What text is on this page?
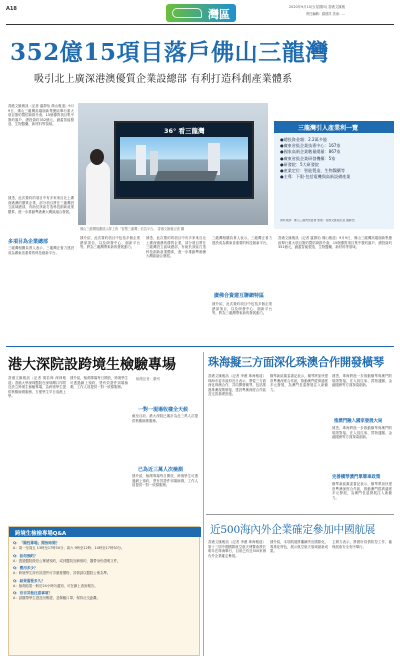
A18	灣區
2020年9月10日(星期四) 香港文匯報
責任編輯：蘇德祥 美術：...
352億15項目落戶佛山三龍灣
吸引北上廣深港澳優質企業設總部 有利打造科創產業體系
香港文匯報訊（記者 盧靜怡 佛山報道）9月9日，佛山三龍灣高端創新集聚區舉行重大項目簽約暨招商推介會，15個優質項目集中簽約落戶，總投資約352億元，涵蓋智能製造、生物醫藥、新材料等領域。
36° 看三龍灣
佛山三龍灣規劃展示屏上的「智慧三龍灣」信息平台。 香港文匯報記者 攝
三龍灣引人產業利一覽
●總投資金額：2.2萬多億
●廣東省級企業技術中心：167家
●國家高新企業數量總量：867家
●廣東省級企業研發機構：5家
●研發院：5大研發院
●產業定位：智能製造、生物醫藥等
●主導：下限·包括電機與高新設備產業
資料來源：佛山三龍灣管委會 整理：香港文匯報記者 盧靜怡
據悉，此次簽約的項目中有多家來自北上廣深港澳的優質企業，部分項目將在三龍灣設立區域總部，有助於該區打造科技創新產業體系，進一步推動粵港澳大灣區融合發展。
多項目為企業總部
三龍灣相關負責人表示，三龍灣正著力建設成為廣東省重要的科技創新平台。
據介紹，此次簽約項目中包括多個企業總部項目，以及研發中心、創新平台等，將為三龍灣帶來新的發展動力。
據悉，此次簽約的項目中有多家來自北上廣深港澳的優質企業，部分項目將在三龍灣設立區域總部，有助於該區打造科技創新產業體系，進一步推動粵港澳大灣區融合發展。
廣佛合資建互聯網特區
三龍灣相關負責人表示，三龍灣正著力建設成為廣東省重要的科技創新平台。
據介紹，此次簽約項目中包括多個企業總部項目，以及研發中心、創新平台等，將為三龍灣帶來新的發展動力。
香港文匯報訊（記者 盧靜怡 佛山報道）9月9日，佛山三龍灣高端創新集聚區舉行重大項目簽約暨招商推介會，15個優質項目集中簽約落戶，總投資約352億元，涵蓋智能製造、生物醫藥、新材料等領域。
港大深院設跨境生檢驗專場
香港文匯報訊（記者 胡若璋 深圳報道）香港大學深圳醫院在深圳灣口岸附近設立跨境生檢驗專場，為跨境學生提供核酸檢測服務，方便學生早日返港上學。
據介紹，檢測專場每日開放，跨境學生可透過網上預約，憑有效證件到場檢測，工作人員提供一對一收樣服務。
檢測記者：廣州
一對一現場收樣全天候
截至目前，港大深院已累計為近三萬人次提供核酸檢測服務。
已為近三萬人次檢測
據介紹，檢測專場每日開放，跨境學生可透過網上預約，憑有效證件到場檢測，工作人員提供一對一收樣服務。
跨境生檢檢專場Q&A
Q：「陽性專場」開放時間？
A：周一至周五 13時至17時30分；周六 9時至12時；14時至17時30分。
Q：如何預約？
A：透過醫院微信公眾號預約，或到醫院官網預約，攜帶身份證明文件。
Q：費用多少？
A：跨境學生持有效證件可享優惠價格，詳情請以醫院公佈為準。
Q：結果需要多久？
A：檢測結果一般於24小時內通知，可在網上查詢報告。
Q：有否其他注意事項？
A：請攜帶學生證及回鄉證，並佩戴口罩，保持社交距離。
珠海擬三方面深化珠澳合作開發橫琴
香港文匯報訊（記者 李薇 珠海報道）珠海市委市政府近日表示，將從三方面深化珠澳合作，共同開發橫琴，包括推進珠澳規則銜接、建設粵澳深度合作區及完善基礎設施。
橫琴新區黨委書記表示，橫琴將加快建設粵澳深度合作區，推動澳門經濟適度多元發展，為澳門長遠發展注入新動力。
推澳門融入國家發展大局
據悉，珠海將進一步推動橫琴與澳門的規則對接，在人員往來、貨物通關、金融服務等方面探索創新。
據悉，珠海將進一步推動橫琴與澳門的規則對接，在人員往來、貨物通關、金融服務等方面探索創新。
完善橫琴澳門單牌車政策
橫琴新區黨委書記表示，橫琴將加快建設粵澳深度合作區，推動澳門經濟適度多元發展，為澳門長遠發展注入新動力。
近500海內外企業確定參加中國航展
香港文匯報訊（記者 李薇 珠海報道）第十三屆中國國際航空航天博覽會將於明年在珠海舉行，目前已有近500家海內外企業確定參展。
據介紹，本屆航展將繼續突出國際化、專業化特色，展示航空航天領域最新成果。
主辦方表示，將做好疫情防控工作，確保展會安全有序舉行。
